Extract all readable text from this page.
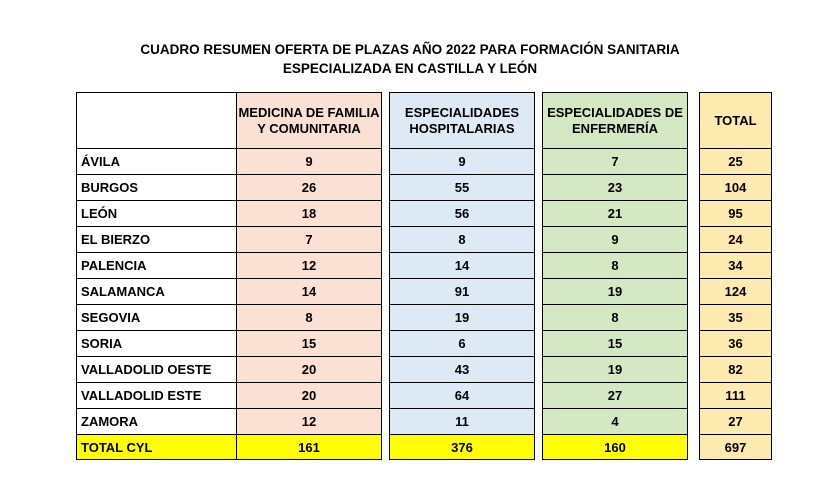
CUADRO RESUMEN OFERTA DE PLAZAS AÑO 2022 PARA FORMACIÓN SANITARIA
ESPECIALIZADA EN CASTILLA Y LEÓN
	MEDICINA DE FAMILIA Y COMUNITARIA		ESPECIALIDADES HOSPITALARIAS		ESPECIALIDADES DE ENFERMERÍA		TOTAL
ÁVILA	9		9		7		25
BURGOS	26		55		23		104
LEÓN	18		56		21		95
EL BIERZO	7		8		9		24
PALENCIA	12		14		8		34
SALAMANCA	14		91		19		124
SEGOVIA	8		19		8		35
SORIA	15		6		15		36
VALLADOLID OESTE	20		43		19		82
VALLADOLID ESTE	20		64		27		111
ZAMORA	12		11		4		27
TOTAL CYL	161		376		160		697
